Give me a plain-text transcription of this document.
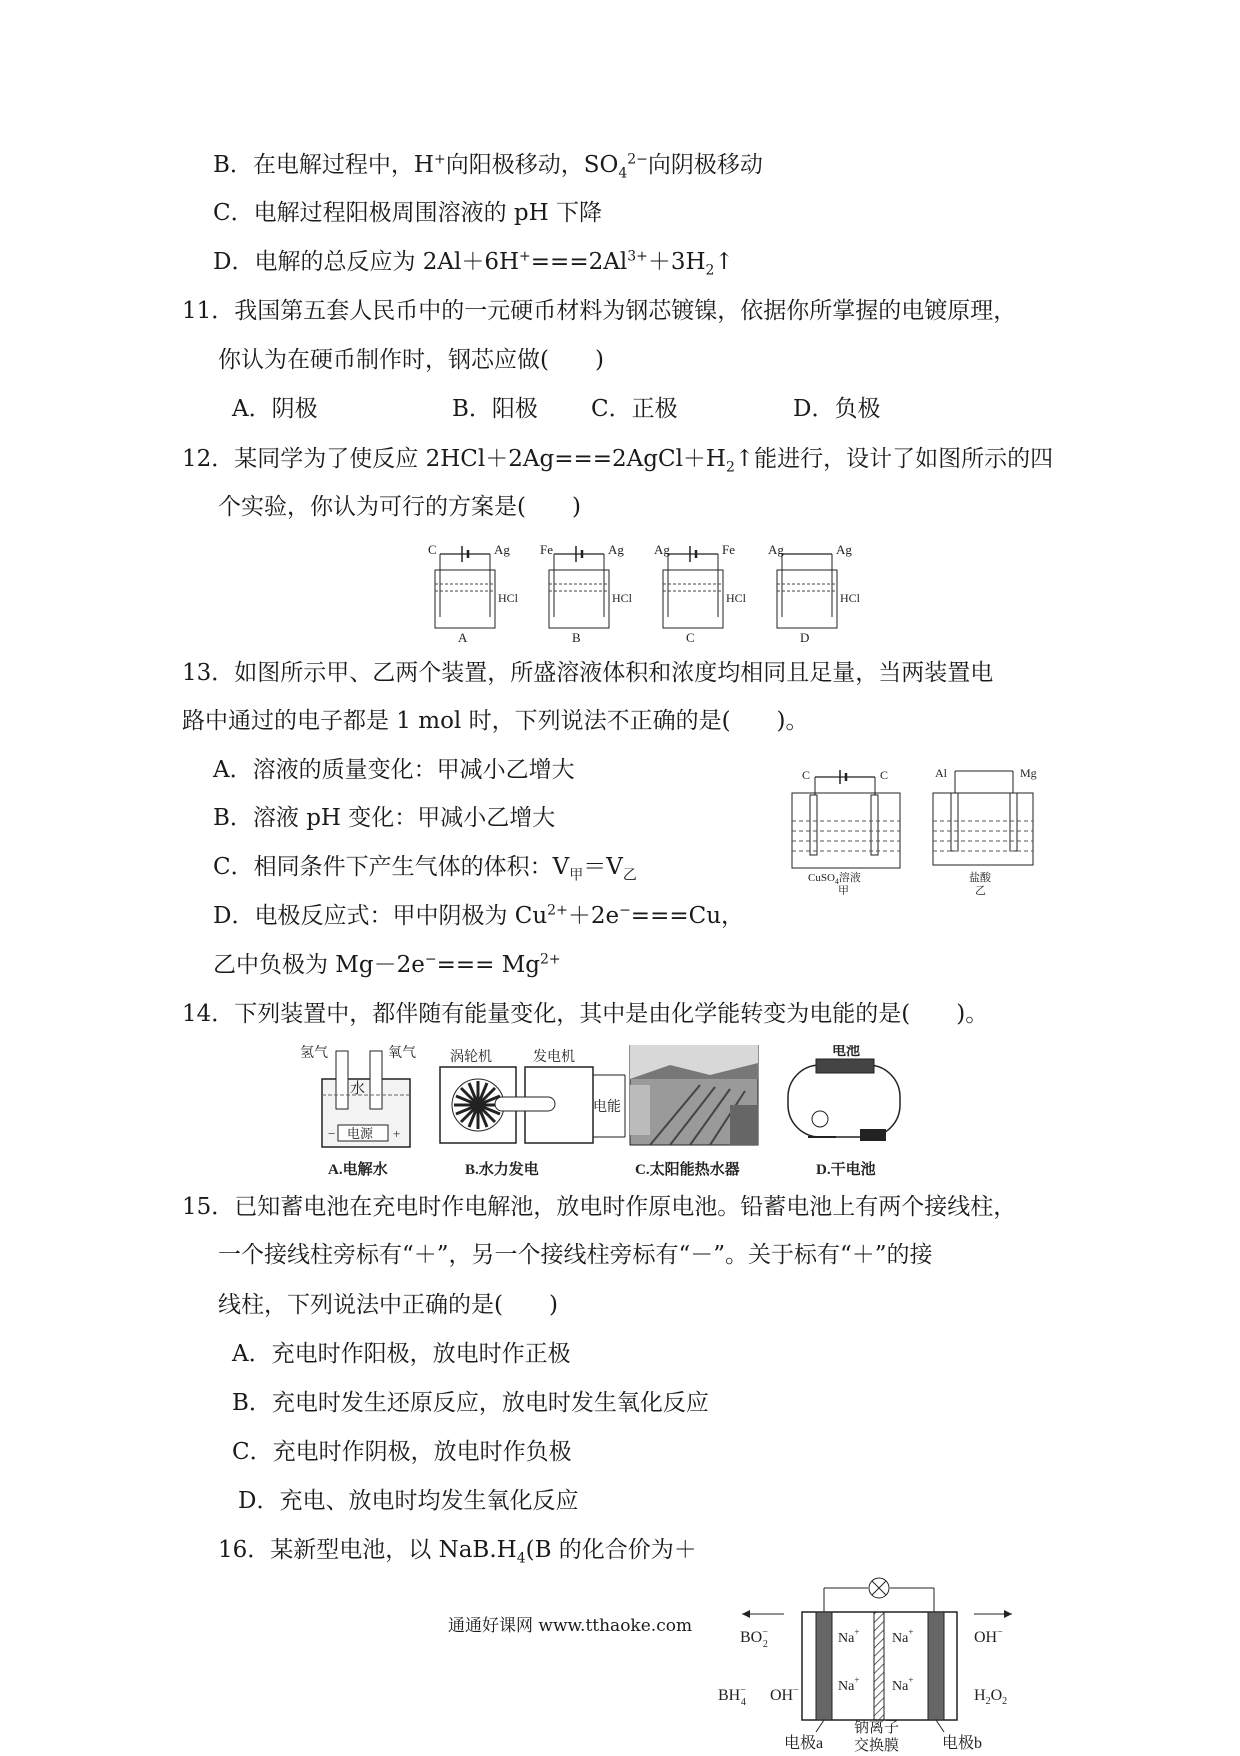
B．在电解过程中，H+向阳极移动，$SO_4^{2-}$向阴极移动
C．电解过程阳极周围溶液的 pH 下降
D．电解的总反应为 $2Al+6H^+===2Al^{3+}+3H_2↑$
11．我国第五套人民币中的一元硬币材料为钢芯镀镍，依据你所掌握的电镀原理，
你认为在硬币制作时，钢芯应做(　　)
A．阴极	B．阳极 C．正极	D．负极
12．某同学为了使反应 $2HCl+2Ag===2AgCl+H_2↑$能进行，设计了如图所示的四
个实验，你认为可行的方案是(　　)
C	Ag
HCl
A
Fe	Ag
HCl
B
Ag	Fe
HCl
C
Ag	Ag
HCl
D
13．如图所示甲、乙两个装置，所盛溶液体积和浓度均相同且足量，当两装置电
路中通过的电子都是 1 mol 时，下列说法不正确的是(　　)。
A．溶液的质量变化：甲减小乙增大
B．溶液 pH 变化：甲减小乙增大
C．相同条件下产生气体的体积：$V_甲=V_乙$
D．电极反应式：甲中阴极为 $Cu^{2+}+2e^-===Cu$，
乙中负极为 $Mg-2e^-=== Mg^{2+}$
C	C
CuSO$_4$溶液
甲
Al	Mg
盐酸
乙
14．下列装置中，都伴随有能量变化，其中是由化学能转变为电能的是(　　)。
氢气	氧气
水
电源
−	+
A.电解水
涡轮机	发电机
电能
B.水力发电	C.太阳能热水器
电池
D.干电池
15．已知蓄电池在充电时作电解池，放电时作原电池。铅蓄电池上有两个接线柱，
一个接线柱旁标有“＋”，另一个接线柱旁标有“－”。关于标有“＋”的接
线柱，下列说法中正确的是(　　)
A．充电时作阳极，放电时作正极
B．充电时发生还原反应，放电时发生氧化反应
C．充电时作阴极，放电时作负极
D．充电、放电时均发生氧化反应
16．某新型电池，以 $NaB.H_4(B$ 的化合价为＋
BO− 2
BH− 4 OH−
OH−
$H_2O_2$
Na+ Na+
Na+ Na+
电极a	电极b
钠离子
交换膜
通通好课网 www.tthaoke.com
